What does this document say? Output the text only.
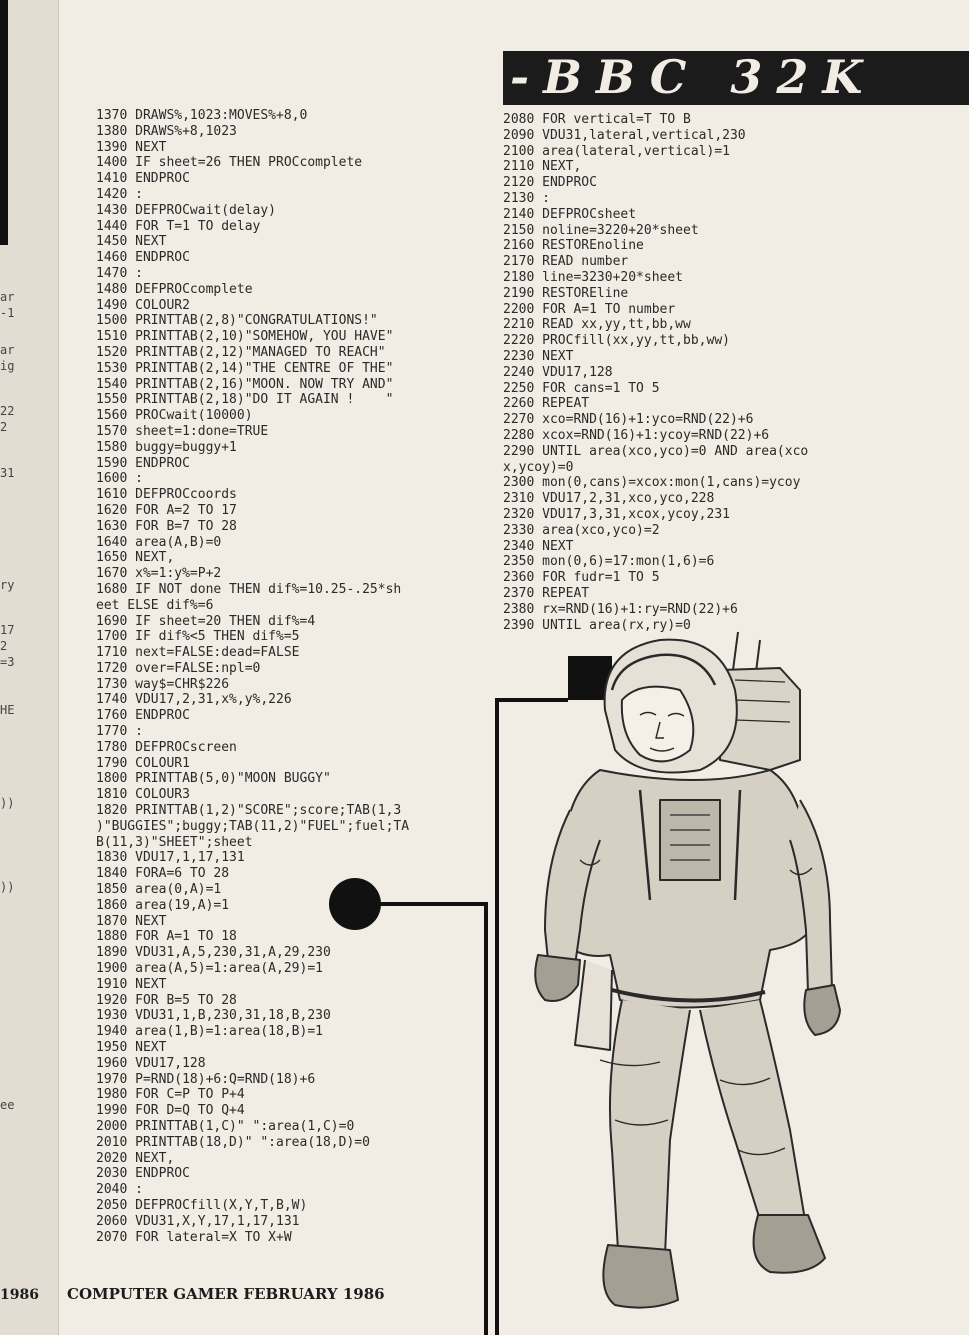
ar
-1
ar
ig
22
2
31
ry
17
2
=3
HE
))
))
ee
-BBC 32K
1370 DRAWS%,1023:MOVES%+8,0
1380 DRAWS%+8,1023
1390 NEXT
1400 IF sheet=26 THEN PROCcomplete
1410 ENDPROC
1420 :
1430 DEFPROCwait(delay)
1440 FOR T=1 TO delay
1450 NEXT
1460 ENDPROC
1470 :
1480 DEFPROCcomplete
1490 COLOUR2
1500 PRINTTAB(2,8)"CONGRATULATIONS!"
1510 PRINTTAB(2,10)"SOMEHOW, YOU HAVE"
1520 PRINTTAB(2,12)"MANAGED TO REACH"
1530 PRINTTAB(2,14)"THE CENTRE OF THE"
1540 PRINTTAB(2,16)"MOON. NOW TRY AND"
1550 PRINTTAB(2,18)"DO IT AGAIN !    "
1560 PROCwait(10000)
1570 sheet=1:done=TRUE
1580 buggy=buggy+1
1590 ENDPROC
1600 :
1610 DEFPROCcoords
1620 FOR A=2 TO 17
1630 FOR B=7 TO 28
1640 area(A,B)=0
1650 NEXT,
1670 x%=1:y%=P+2
1680 IF NOT done THEN dif%=10.25-.25*sh
eet ELSE dif%=6
1690 IF sheet=20 THEN dif%=4
1700 IF dif%<5 THEN dif%=5
1710 next=FALSE:dead=FALSE
1720 over=FALSE:npl=0
1730 way$=CHR$226
1740 VDU17,2,31,x%,y%,226
1760 ENDPROC
1770 :
1780 DEFPROCscreen
1790 COLOUR1
1800 PRINTTAB(5,0)"MOON BUGGY"
1810 COLOUR3
1820 PRINTTAB(1,2)"SCORE";score;TAB(1,3
)"BUGGIES";buggy;TAB(11,2)"FUEL";fuel;TA
B(11,3)"SHEET";sheet
1830 VDU17,1,17,131
1840 FORA=6 TO 28
1850 area(0,A)=1
1860 area(19,A)=1
1870 NEXT
1880 FOR A=1 TO 18
1890 VDU31,A,5,230,31,A,29,230
1900 area(A,5)=1:area(A,29)=1
1910 NEXT
1920 FOR B=5 TO 28
1930 VDU31,1,B,230,31,18,B,230
1940 area(1,B)=1:area(18,B)=1
1950 NEXT
1960 VDU17,128
1970 P=RND(18)+6:Q=RND(18)+6
1980 FOR C=P TO P+4
1990 FOR D=Q TO Q+4
2000 PRINTTAB(1,C)" ":area(1,C)=0
2010 PRINTTAB(18,D)" ":area(18,D)=0
2020 NEXT,
2030 ENDPROC
2040 :
2050 DEFPROCfill(X,Y,T,B,W)
2060 VDU31,X,Y,17,1,17,131
2070 FOR lateral=X TO X+W
2080 FOR vertical=T TO B
2090 VDU31,lateral,vertical,230
2100 area(lateral,vertical)=1
2110 NEXT,
2120 ENDPROC
2130 :
2140 DEFPROCsheet
2150 noline=3220+20*sheet
2160 RESTOREnoline
2170 READ number
2180 line=3230+20*sheet
2190 RESTOREline
2200 FOR A=1 TO number
2210 READ xx,yy,tt,bb,ww
2220 PROCfill(xx,yy,tt,bb,ww)
2230 NEXT
2240 VDU17,128
2250 FOR cans=1 TO 5
2260 REPEAT
2270 xco=RND(16)+1:yco=RND(22)+6
2280 xcox=RND(16)+1:ycoy=RND(22)+6
2290 UNTIL area(xco,yco)=0 AND area(xco
x,ycoy)=0
2300 mon(0,cans)=xcox:mon(1,cans)=ycoy
2310 VDU17,2,31,xco,yco,228
2320 VDU17,3,31,xcox,ycoy,231
2330 area(xco,yco)=2
2340 NEXT
2350 mon(0,6)=17:mon(1,6)=6
2360 FOR fudr=1 TO 5
2370 REPEAT
2380 rx=RND(16)+1:ry=RND(22)+6
2390 UNTIL area(rx,ry)=0
1986 COMPUTER GAMER FEBRUARY 1986
